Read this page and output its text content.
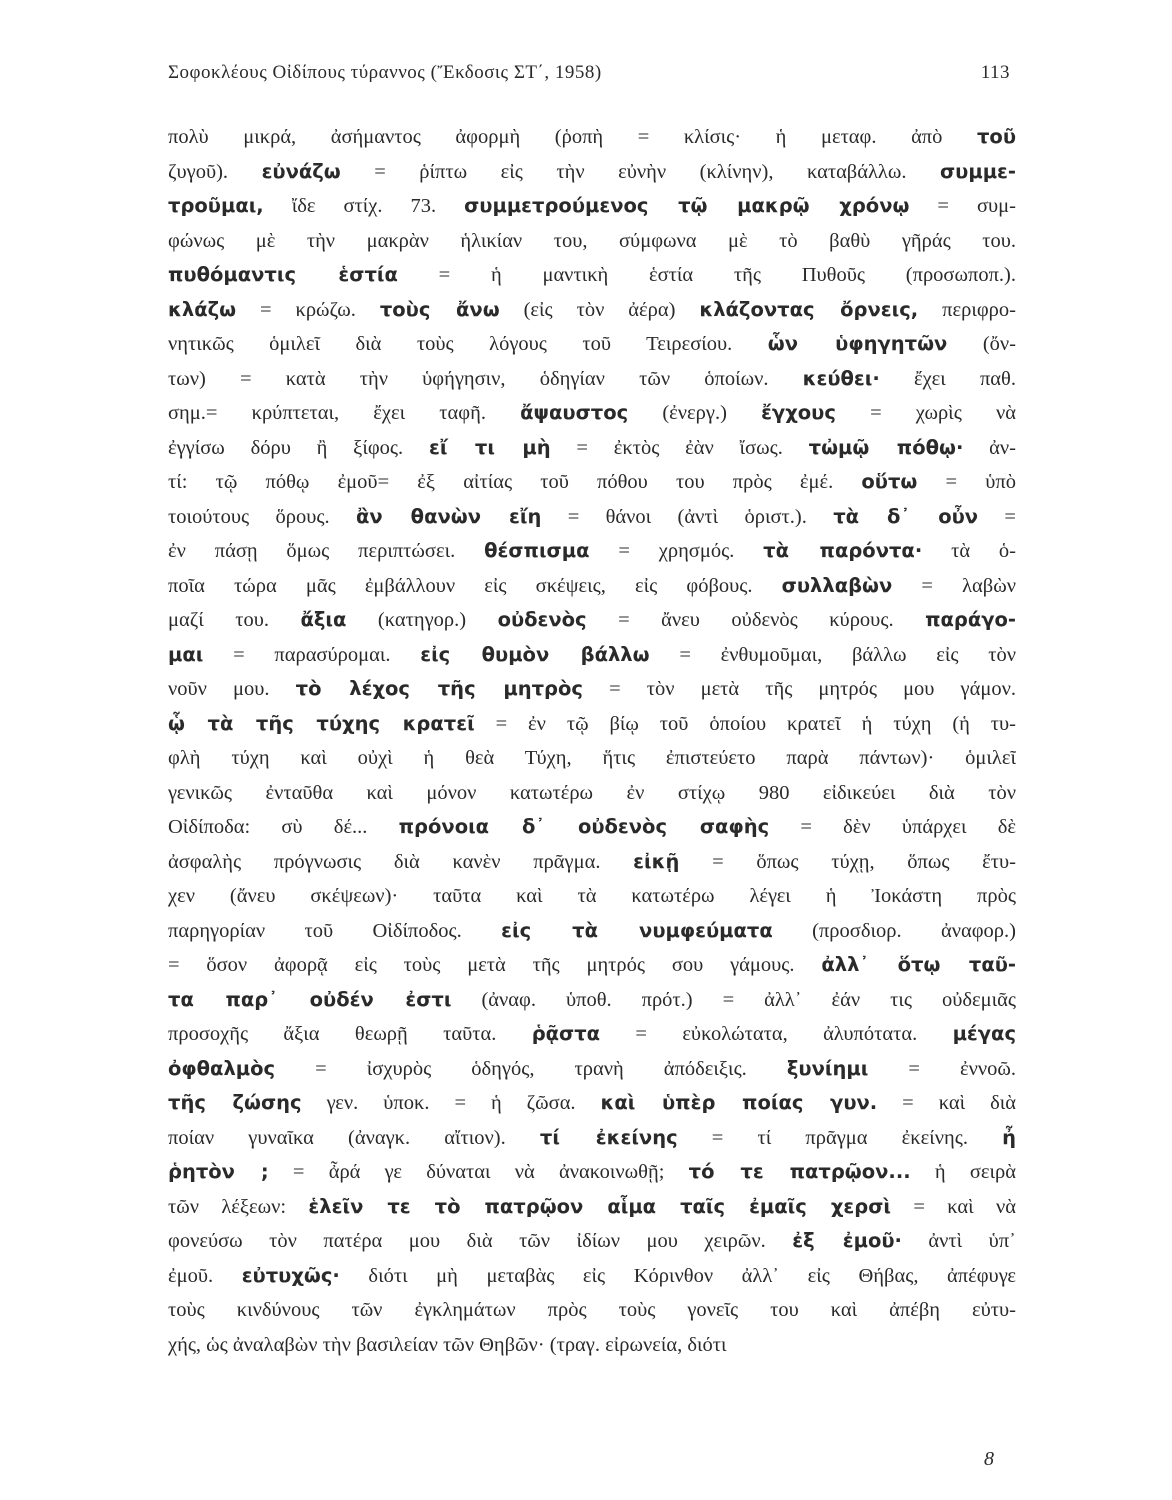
Σοφοκλέους Οἰδίπους τύραννος (Ἔκδοσις ΣΤ΄, 1958)	113
πολὺ μικρά, ἀσήμαντος ἀφορμὴ (ῥοπὴ = κλίσις· ἡ μεταφ. ἀπὸ τοῦ
ζυγοῦ). εὐνάζω = ῥίπτω εἰς τὴν εὐνὴν (κλίνην), καταβάλλω. συμμε-
τροῦμαι, ἴδε στίχ. 73. συμμετρούμενος τῷ μακρῷ χρόνῳ = συμ-
φώνως μὲ τὴν μακρὰν ἡλικίαν του, σύμφωνα μὲ τὸ βαθὺ γῆράς του.
πυθόμαντις ἑστία = ἡ μαντικὴ ἑστία τῆς Πυθοῦς (προσωποπ.).
κλάζω = κρώζω. τοὺς ἄνω (εἰς τὸν ἀέρα) κλάζοντας ὄρνεις, περιφρο-
νητικῶς ὁμιλεῖ διὰ τοὺς λόγους τοῦ Τειρεσίου. ὧν ὑφηγητῶν (ὄν-
των) = κατὰ τὴν ὑφήγησιν, ὁδηγίαν τῶν ὁποίων. κεύθει· ἔχει παθ.
σημ.= κρύπτεται, ἔχει ταφῆ. ἄψαυστος (ἐνεργ.) ἔγχους = χωρὶς νὰ
ἐγγίσω δόρυ ἢ ξίφος. εἴ τι μὴ = ἐκτὸς ἐὰν ἴσως. τὠμῷ πόθῳ· ἀν-
τί: τῷ πόθῳ ἐμοῦ= ἐξ αἰτίας τοῦ πόθου του πρὸς ἐμέ. οὕτω = ὑπὸ
τοιούτους ὅρους. ἂν θανὼν εἴη = θάνοι (ἀντὶ ὁριστ.). τὰ δ᾽ οὖν =
ἐν πάσῃ ὅμως περιπτώσει. θέσπισμα = χρησμός. τὰ παρόντα· τὰ ὁ-
ποῖα τώρα μᾶς ἐμβάλλουν εἰς σκέψεις, εἰς φόβους. συλλαβὼν = λαβὼν
μαζί του. ἄξια (κατηγορ.) οὐδενὸς = ἄνευ οὐδενὸς κύρους. παράγο-
μαι = παρασύρομαι. εἰς θυμὸν βάλλω = ἐνθυμοῦμαι, βάλλω εἰς τὸν
νοῦν μου. τὸ λέχος τῆς μητρὸς = τὸν μετὰ τῆς μητρός μου γάμον.
ᾧ τὰ τῆς τύχης κρατεῖ = ἐν τῷ βίῳ τοῦ ὁποίου κρατεῖ ἡ τύχη (ἡ τυ-
φλὴ τύχη καὶ οὐχὶ ἡ θεὰ Τύχη, ἥτις ἐπιστεύετο παρὰ πάντων)· ὁμιλεῖ
γενικῶς ἐνταῦθα καὶ μόνον κατωτέρω ἐν στίχῳ 980 εἰδικεύει διὰ τὸν
Οἰδίποδα: σὺ δέ... πρόνοια δ᾽ οὐδενὸς σαφὴς = δὲν ὑπάρχει δὲ
ἀσφαλὴς πρόγνωσις διὰ κανὲν πρᾶγμα. εἰκῇ = ὅπως τύχῃ, ὅπως ἔτυ-
χεν (ἄνευ σκέψεων)· ταῦτα καὶ τὰ κατωτέρω λέγει ἡ Ἰοκάστη πρὸς
παρηγορίαν τοῦ Οἰδίποδος. εἰς τὰ νυμφεύματα (προσδιορ. ἀναφορ.)
= ὅσον ἀφορᾷ εἰς τοὺς μετὰ τῆς μητρός σου γάμους. ἀλλ᾽ ὅτῳ ταῦ-
τα παρ᾽ οὐδέν ἐστι (ἀναφ. ὑποθ. πρότ.) = ἀλλ᾽ ἐάν τις οὐδεμιᾶς
προσοχῆς ἄξια θεωρῇ ταῦτα. ῥᾷστα = εὐκολώτατα, ἀλυπότατα. μέγας
ὀφθαλμὸς = ἰσχυρὸς ὁδηγός, τρανὴ ἀπόδειξις. ξυνίημι = ἐννοῶ.
τῆς ζώσης γεν. ὑποκ. = ἡ ζῶσα. καὶ ὑπὲρ ποίας γυν. = καὶ διὰ
ποίαν γυναῖκα (ἀναγκ. αἴτιον). τί ἐκείνης = τί πρᾶγμα ἐκείνης. ἦ
ῥητὸν ; = ἆρά γε δύναται νὰ ἀνακοινωθῇ; τό τε πατρῷον... ἡ σειρὰ
τῶν λέξεων: ἑλεῖν τε τὸ πατρῷον αἷμα ταῖς ἐμαῖς χερσὶ = καὶ νὰ
φονεύσω τὸν πατέρα μου διὰ τῶν ἰδίων μου χειρῶν. ἐξ ἐμοῦ· ἀντὶ ὑπ᾽
ἐμοῦ. εὐτυχῶς· διότι μὴ μεταβὰς εἰς Κόρινθον ἀλλ᾽ εἰς Θήβας, ἀπέφυγε
τοὺς κινδύνους τῶν ἐγκλημάτων πρὸς τοὺς γονεῖς του καὶ ἀπέβη εὐτυ-
χής, ὡς ἀναλαβὼν τὴν βασιλείαν τῶν Θηβῶν· (τραγ. εἰρωνεία, διότι
8
